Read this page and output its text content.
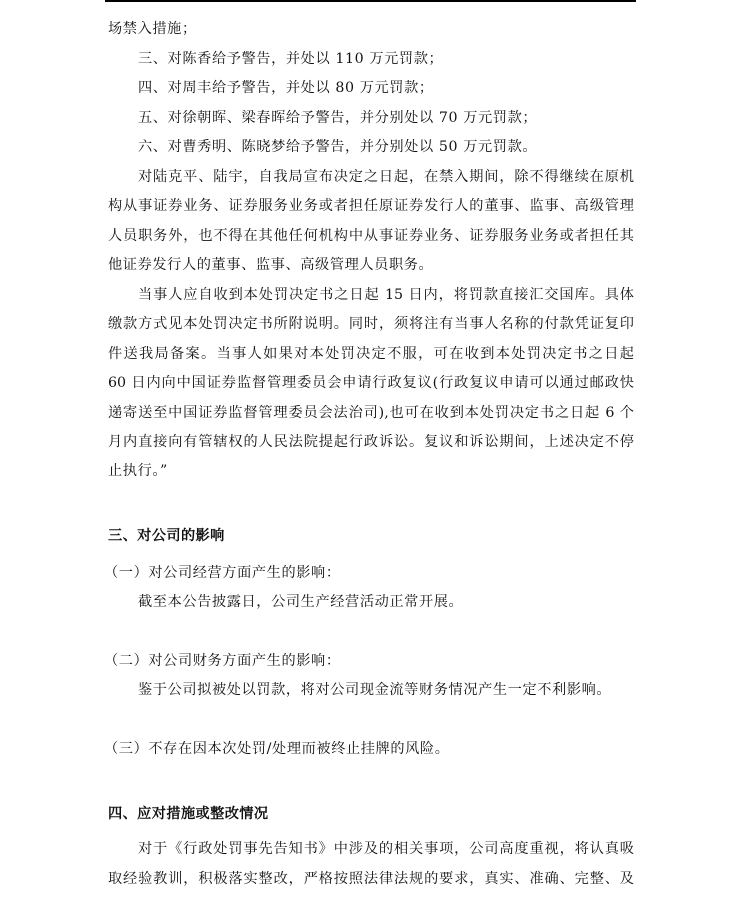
场禁入措施；
三、对陈香给予警告，并处以 110 万元罚款；
四、对周丰给予警告，并处以 80 万元罚款；
五、对徐朝晖、梁春晖给予警告，并分别处以 70 万元罚款；
六、对曹秀明、陈晓梦给予警告，并分别处以 50 万元罚款。
对陆克平、陆宇，自我局宣布决定之日起，在禁入期间，除不得继续在原机
构从事证券业务、证券服务业务或者担任原证券发行人的董事、监事、高级管理
人员职务外，也不得在其他任何机构中从事证券业务、证券服务业务或者担任其
他证券发行人的董事、监事、高级管理人员职务。
当事人应自收到本处罚决定书之日起 15 日内，将罚款直接汇交国库。具体
缴款方式见本处罚决定书所附说明。同时，须将注有当事人名称的付款凭证复印
件送我局备案。当事人如果对本处罚决定不服，可在收到本处罚决定书之日起
60 日内向中国证券监督管理委员会申请行政复议(行政复议申请可以通过邮政快
递寄送至中国证券监督管理委员会法治司),也可在收到本处罚决定书之日起 6 个
月内直接向有管辖权的人民法院提起行政诉讼。复议和诉讼期间，上述决定不停
止执行。”
三、对公司的影响
（一）对公司经营方面产生的影响：
截至本公告披露日，公司生产经营活动正常开展。
（二）对公司财务方面产生的影响：
鉴于公司拟被处以罚款，将对公司现金流等财务情况产生一定不利影响。
（三）不存在因本次处罚/处理而被终止挂牌的风险。
四、应对措施或整改情况
对于《行政处罚事先告知书》中涉及的相关事项，公司高度重视，将认真吸
取经验教训，积极落实整改，严格按照法律法规的要求，真实、准确、完整、及
